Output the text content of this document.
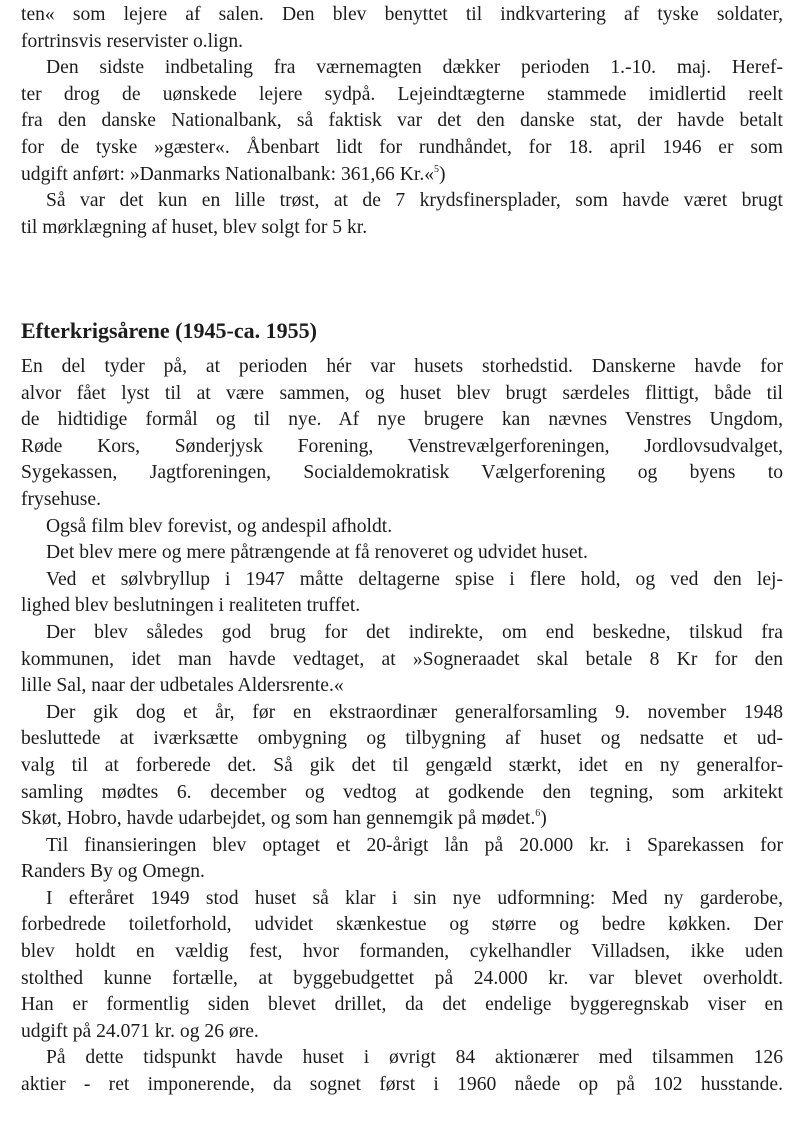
ten« som lejere af salen. Den blev benyttet til indkvartering af tyske soldater,
fortrinsvis reservister o.lign.
Den sidste indbetaling fra værnemagten dækker perioden 1.-10. maj. Heref-
ter drog de uønskede lejere sydpå. Lejeindtægterne stammede imidlertid reelt
fra den danske Nationalbank, så faktisk var det den danske stat, der havde betalt
for de tyske »gæster«. Åbenbart lidt for rundhåndet, for 18. april 1946 er som
udgift anført: »Danmarks Nationalbank: 361,66 Kr.«$^5$)
Så var det kun en lille trøst, at de 7 krydsfinersplader, som havde været brugt
til mørklægning af huset, blev solgt for 5 kr.
Efterkrigsårene (1945-ca. 1955)
En del tyder på, at perioden hér var husets storhedstid. Danskerne havde for
alvor fået lyst til at være sammen, og huset blev brugt særdeles flittigt, både til
de hidtidige formål og til nye. Af nye brugere kan nævnes Venstres Ungdom,
Røde Kors, Sønderjysk Forening, Venstrevælgerforeningen, Jordlovsudvalget,
Sygekassen, Jagtforeningen, Socialdemokratisk Vælgerforening og byens to
frysehuse.
Også film blev forevist, og andespil afholdt.
Det blev mere og mere påtrængende at få renoveret og udvidet huset.
Ved et sølvbryllup i 1947 måtte deltagerne spise i flere hold, og ved den lej-
lighed blev beslutningen i realiteten truffet.
Der blev således god brug for det indirekte, om end beskedne, tilskud fra
kommunen, idet man havde vedtaget, at »Sogneraadet skal betale 8 Kr for den
lille Sal, naar der udbetales Aldersrente.«
Der gik dog et år, før en ekstraordinær generalforsamling 9. november 1948
besluttede at iværksætte ombygning og tilbygning af huset og nedsatte et ud-
valg til at forberede det. Så gik det til gengæld stærkt, idet en ny generalfor-
samling mødtes 6. december og vedtog at godkende den tegning, som arkitekt
Skøt, Hobro, havde udarbejdet, og som han gennemgik på mødet.$^6$)
Til finansieringen blev optaget et 20-årigt lån på 20.000 kr. i Sparekassen for
Randers By og Omegn.
I efteråret 1949 stod huset så klar i sin nye udformning: Med ny garderobe,
forbedrede toiletforhold, udvidet skænkestue og større og bedre køkken. Der
blev holdt en vældig fest, hvor formanden, cykelhandler Villadsen, ikke uden
stolthed kunne fortælle, at byggebudgettet på 24.000 kr. var blevet overholdt.
Han er formentlig siden blevet drillet, da det endelige byggeregnskab viser en
udgift på 24.071 kr. og 26 øre.
På dette tidspunkt havde huset i øvrigt 84 aktionærer med tilsammen 126
aktier - ret imponerende, da sognet først i 1960 nåede op på 102 husstande.
